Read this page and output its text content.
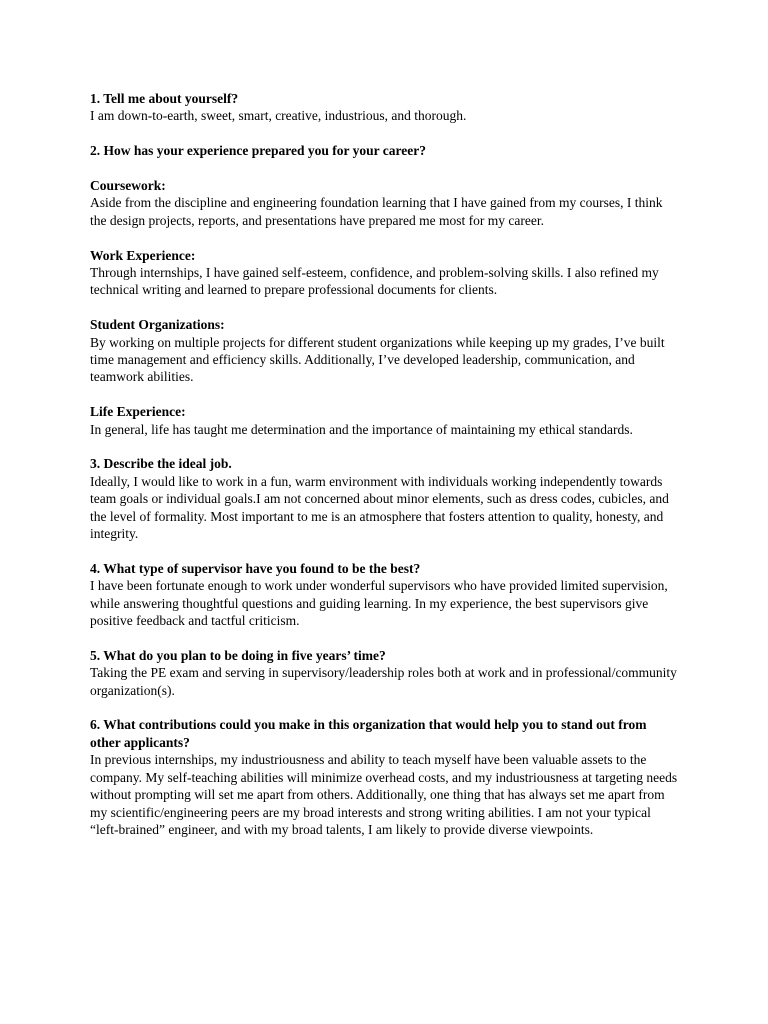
1. Tell me about yourself?

I am down-to-earth, sweet, smart, creative, industrious, and thorough.

2. How has your experience prepared you for your career?

Coursework:

Aside from the discipline and engineering foundation learning that I have gained from my courses, I think the design projects, reports, and presentations have prepared me most for my career.

Work Experience:

Through internships, I have gained self-esteem, confidence, and problem-solving skills. I also refined my technical writing and learned to prepare professional documents for clients.

Student Organizations:

By working on multiple projects for different student organizations while keeping up my grades, I’ve built time management and efficiency skills. Additionally, I’ve developed leadership, communication, and teamwork abilities.

Life Experience:

In general, life has taught me determination and the importance of maintaining my ethical standards.

3. Describe the ideal job.

Ideally, I would like to work in a fun, warm environment with individuals working independently towards team goals or individual goals.I am not concerned about minor elements, such as dress codes, cubicles, and the level of formality. Most important to me is an atmosphere that fosters attention to quality, honesty, and integrity.

4. What type of supervisor have you found to be the best?

I have been fortunate enough to work under wonderful supervisors who have provided limited supervision, while answering thoughtful questions and guiding learning. In my experience, the best supervisors give positive feedback and tactful criticism.

5. What do you plan to be doing in five years’ time?

Taking the PE exam and serving in supervisory/leadership roles both at work and in professional/community organization(s).

6. What contributions could you make in this organization that would help you to stand out from other applicants?

In previous internships, my industriousness and ability to teach myself have been valuable assets to the company. My self-teaching abilities will minimize overhead costs, and my industriousness at targeting needs without prompting will set me apart from others. Additionally, one thing that has always set me apart from my scientific/engineering peers are my broad interests and strong writing abilities. I am not your typical “left-brained” engineer, and with my broad talents, I am likely to provide diverse viewpoints.
